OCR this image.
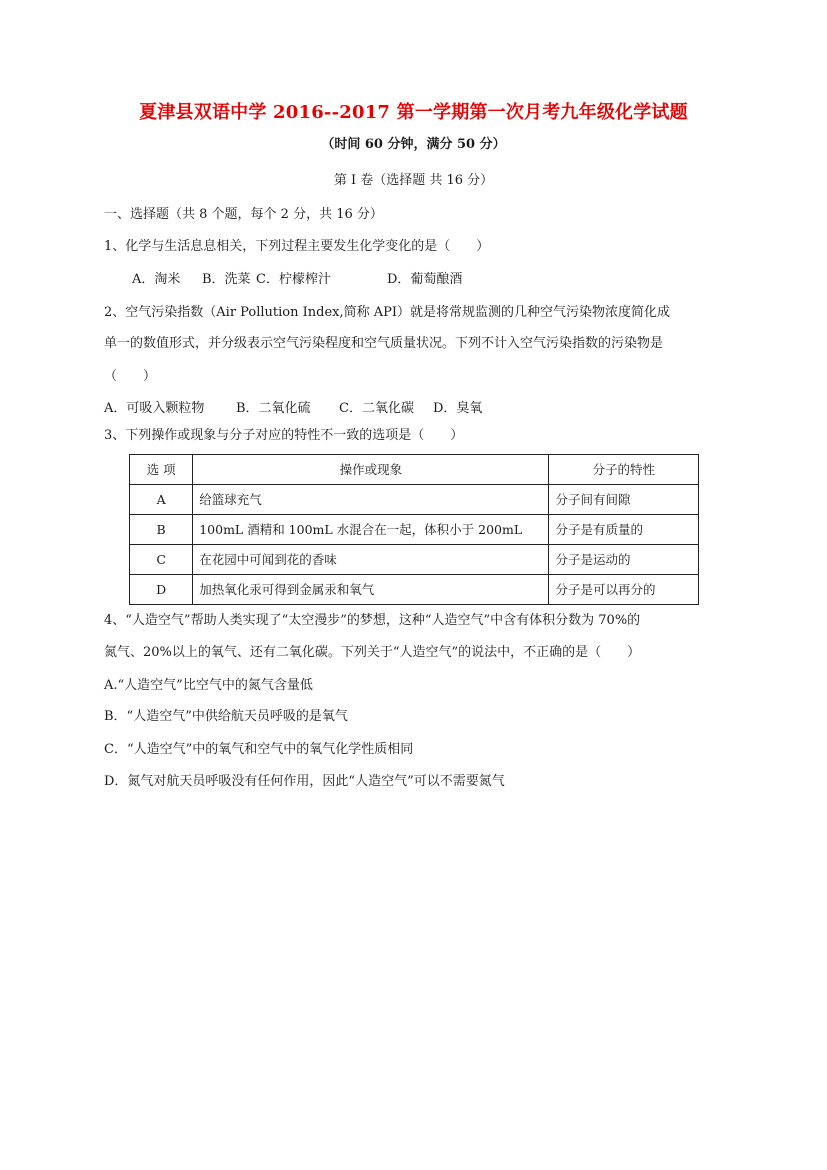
夏津县双语中学 2016--2017 第一学期第一次月考九年级化学试题
（时间 60 分钟，满分 50 分）
第 I 卷（选择题 共 16 分）
一、选择题（共 8 个题，每个 2 分，共 16 分）
1、化学与生活息息相关，下列过程主要发生化学变化的是（　　）
A．淘米 B．洗菜 C．柠檬榨汁	D．葡萄酿酒
2、空气污染指数（Air Pollution Index,简称 API）就是将常规监测的几种空气污染物浓度简化成
单一的数值形式，并分级表示空气污染程度和空气质量状况。下列不计入空气污染指数的污染物是
（　　）
A．可吸入颗粒物 B．二氧化硫 C．二氧化碳 D．臭氧
3、下列操作或现象与分子对应的特性不一致的选项是（　　）
选 项	操作或现象	分子的特性
A	给篮球充气	分子间有间隙
B	100mL 酒精和 100mL 水混合在一起，体积小于 200mL	分子是有质量的
C	在花园中可闻到花的香味	分子是运动的
D	加热氧化汞可得到金属汞和氧气	分子是可以再分的
4、“人造空气”帮助人类实现了“太空漫步”的梦想，这种“人造空气”中含有体积分数为 70%的
氮气、20%以上的氧气、还有二氧化碳。下列关于“人造空气”的说法中，不正确的是（　　）
A.“人造空气”比空气中的氮气含量低
B．“人造空气”中供给航天员呼吸的是氧气
C．“人造空气”中的氧气和空气中的氧气化学性质相同
D．氮气对航天员呼吸没有任何作用，因此“人造空气”可以不需要氮气
